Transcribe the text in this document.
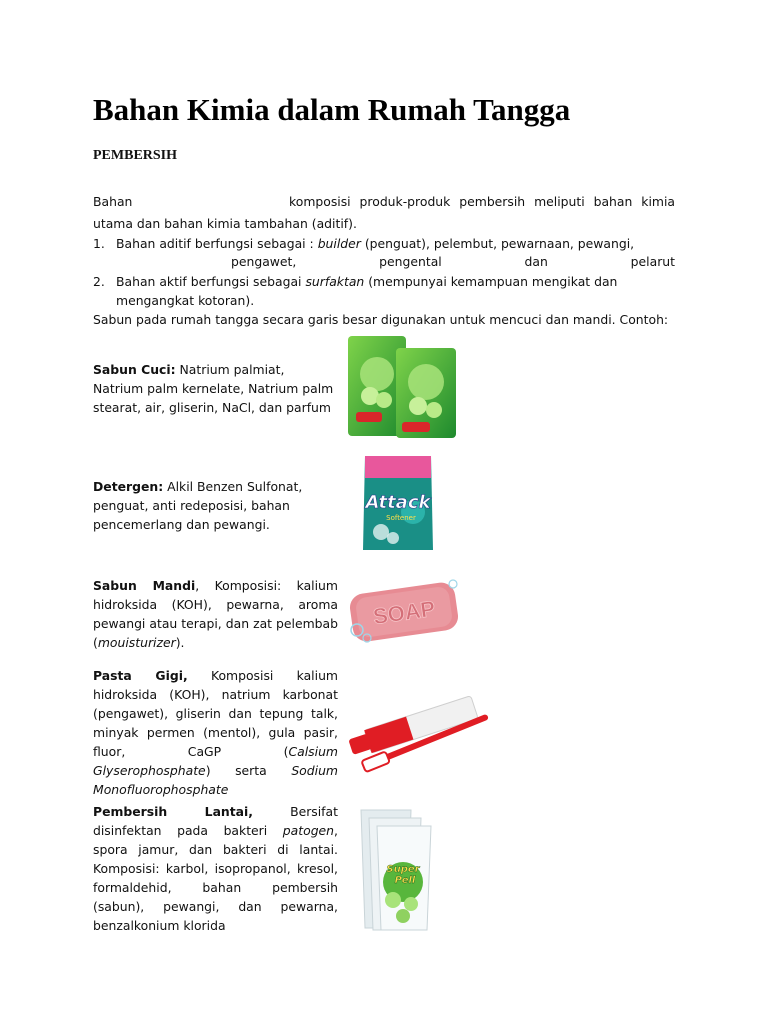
Bahan Kimia dalam Rumah Tangga
PEMBERSIH
Bahan	komposisi produk-produk pembersih meliputi bahan kimia
utama dan bahan kimia tambahan (aditif).
1. Bahan aditif berfungsi sebagai : builder (penguat), pelembut, pewarnaan, pewangi,
pengawet, pengental dan pelarut
2. Bahan aktif berfungsi sebagai surfaktan (mempunyai kemampuan mengikat dan
mengangkat kotoran).
Sabun pada rumah tangga secara garis besar digunakan untuk mencuci dan mandi. Contoh:
Sabun Cuci: Natrium palmiat, Natrium palm kernelate, Natrium palm stearat, air, gliserin, NaCl, dan parfum
Detergen: Alkil Benzen Sulfonat, penguat, anti redeposisi, bahan pencemerlang dan pewangi.
Attack
Softener
Sabun Mandi, Komposisi: kalium hidroksida (KOH), pewarna, aroma pewangi atau terapi, dan zat pelembab (mouisturizer).
SOAP
Pasta Gigi, Komposisi kalium hidroksida (KOH), natrium karbonat (pengawet), gliserin dan tepung talk, minyak permen (mentol), gula pasir, fluor, CaGP (Calsium Glyserophosphate) serta Sodium Monofluorophosphate
Pembersih Lantai, Bersifat disinfektan pada bakteri patogen, spora jamur, dan bakteri di lantai. Komposisi: karbol, isopropanol, kresol, formaldehid, bahan pembersih (sabun), pewangi, dan pewarna, benzalkonium klorida
Super
Pell
